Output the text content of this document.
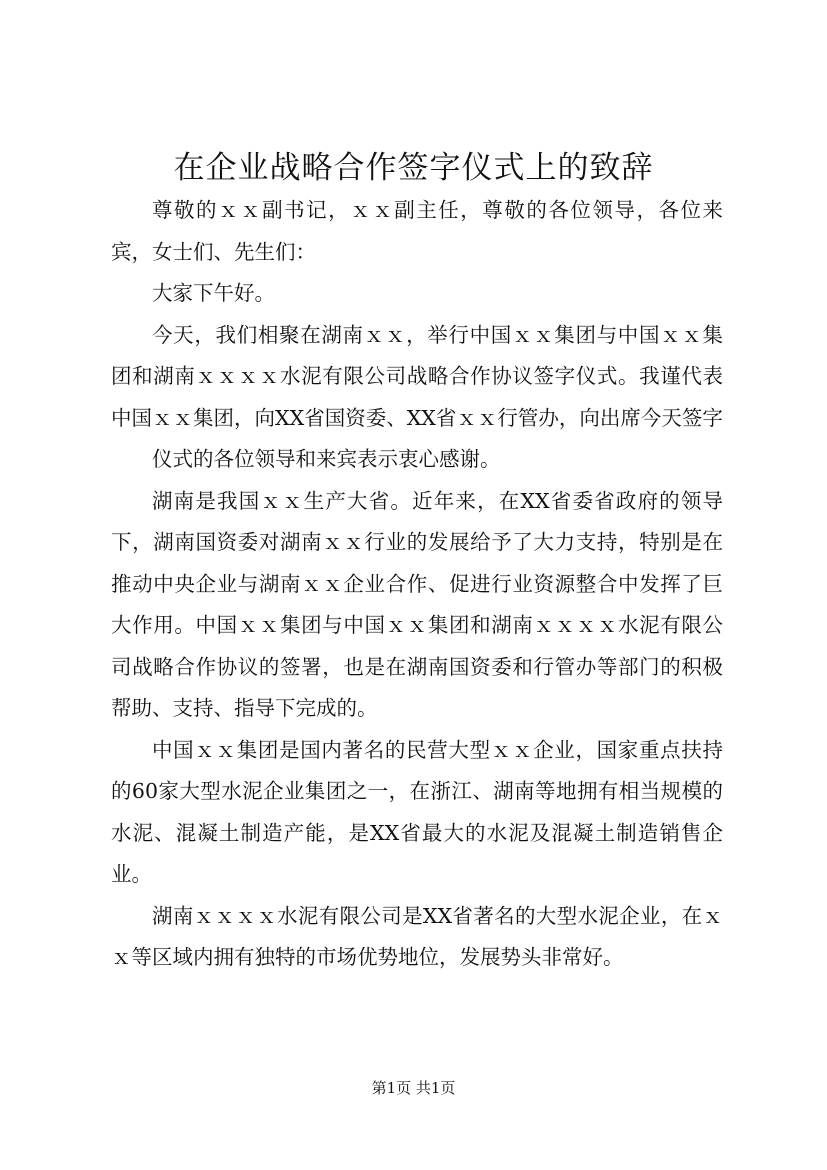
在企业战略合作签字仪式上的致辞

尊敬的ｘｘ副书记，ｘｘ副主任，尊敬的各位领导，各位来宾，女士们、先生们：

大家下午好。

今天，我们相聚在湖南ｘｘ，举行中国ｘｘ集团与中国ｘｘ集团和湖南ｘｘｘｘ水泥有限公司战略合作协议签字仪式。我谨代表中国ｘｘ集团，向XX省国资委、XX省ｘｘ行管办，向出席今天签字

仪式的各位领导和来宾表示衷心感谢。

湖南是我国ｘｘ生产大省。近年来，在XX省委省政府的领导下，湖南国资委对湖南ｘｘ行业的发展给予了大力支持，特别是在推动中央企业与湖南ｘｘ企业合作、促进行业资源整合中发挥了巨大作用。中国ｘｘ集团与中国ｘｘ集团和湖南ｘｘｘｘ水泥有限公司战略合作协议的签署，也是在湖南国资委和行管办等部门的积极帮助、支持、指导下完成的。

中国ｘｘ集团是国内著名的民营大型ｘｘ企业，国家重点扶持的60家大型水泥企业集团之一，在浙江、湖南等地拥有相当规模的水泥、混凝土制造产能，是XX省最大的水泥及混凝土制造销售企业。

湖南ｘｘｘｘ水泥有限公司是XX省著名的大型水泥企业，在ｘｘ等区域内拥有独特的市场优势地位，发展势头非常好。

第1页 共1页
